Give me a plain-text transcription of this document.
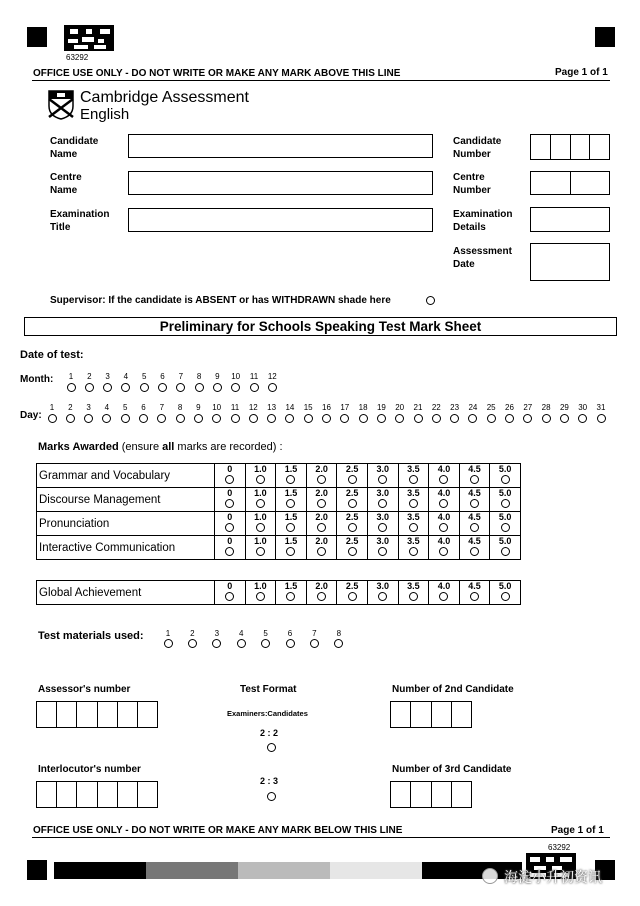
63292
OFFICE USE ONLY - DO NOT WRITE OR MAKE ANY MARK ABOVE THIS LINE	Page 1 of 1
Cambridge Assessment
English
Candidate
Name
Centre
Name
Examination
Title
Candidate
Number
Centre
Number
Examination
Details
Assessment
Date
Supervisor: If the candidate is ABSENT or has WITHDRAWN shade here
Preliminary for Schools Speaking Test Mark Sheet
Date of test:
Month:	1	2	3	4	5	6	7	8	9	10	11	12
Day:
1	2	3	4	5	6	7	8	9	10	11	12	13	14	15	16	17	18	19	20	21	22	23	24	25	26	27	28	29	30	31
Marks Awarded (ensure all marks are recorded) :
Grammar and Vocabulary	0	1.0	1.5	2.0	2.5	3.0	3.5	4.0	4.5	5.0

Discourse Management	0	1.0	1.5	2.0	2.5	3.0	3.5	4.0	4.5	5.0

Pronunciation	0	1.0	1.5	2.0	2.5	3.0	3.5	4.0	4.5	5.0

Interactive Communication	0	1.0	1.5	2.0	2.5	3.0	3.5	4.0	4.5	5.0
Global Achievement	0	1.0	1.5	2.0	2.5	3.0	3.5	4.0	4.5	5.0
Test materials used:	1	2	3	4	5	6	7	8
Assessor's number
Interlocutor's number
Test Format
Examiners:Candidates
2 : 2
2 : 3
Number of 2nd Candidate
Number of 3rd Candidate
OFFICE USE ONLY - DO NOT WRITE OR MAKE ANY MARK BELOW THIS LINE	Page 1 of 1
63292
海淀小升初资讯
